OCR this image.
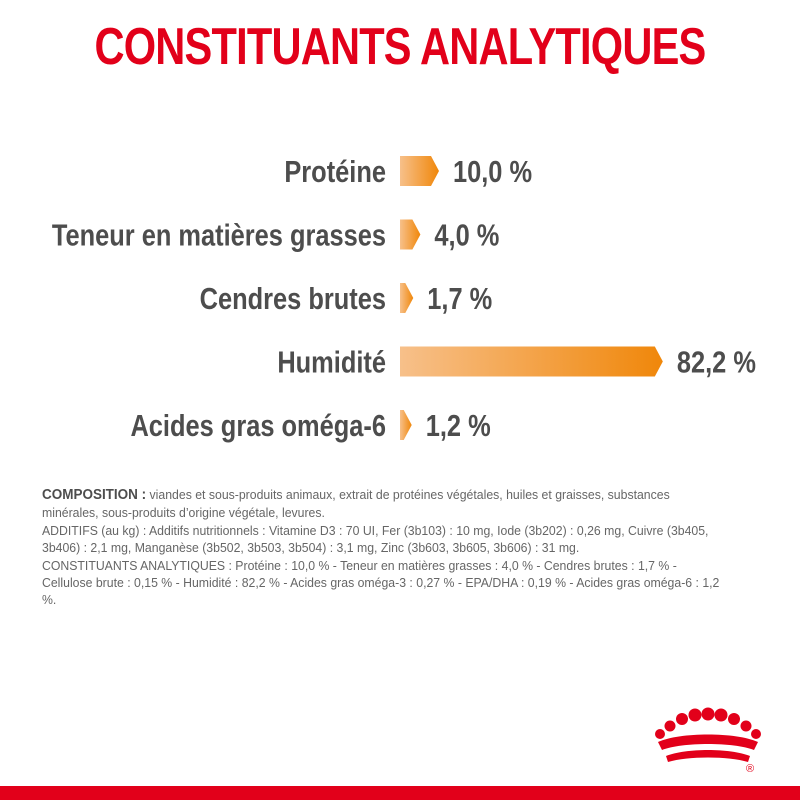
CONSTITUANTS ANALYTIQUES
Protéine 10,0 %
Teneur en matières grasses 4,0 %
Cendres brutes 1,7 %
Humidité	82,2 %
Acides gras oméga-6 1,2 %

COMPOSITION : viandes et sous-produits animaux, extrait de protéines végétales, huiles et graisses, substances minérales, sous-produits d’origine végétale, levures.

ADDITIFS (au kg) : Additifs nutritionnels : Vitamine D3 : 70 UI, Fer (3b103) : 10 mg, Iode (3b202) : 0,26 mg, Cuivre (3b405, 3b406) : 2,1 mg, Manganèse (3b502, 3b503, 3b504) : 3,1 mg, Zinc (3b603, 3b605, 3b606) : 31 mg.

CONSTITUANTS ANALYTIQUES : Protéine : 10,0 % - Teneur en matières grasses : 4,0 % - Cendres brutes : 1,7 % - Cellulose brute : 0,15 % - Humidité : 82,2 % - Acides gras oméga-3 : 0,27 % - EPA/DHA : 0,19 % - Acides gras oméga-6 : 1,2 %.

®
